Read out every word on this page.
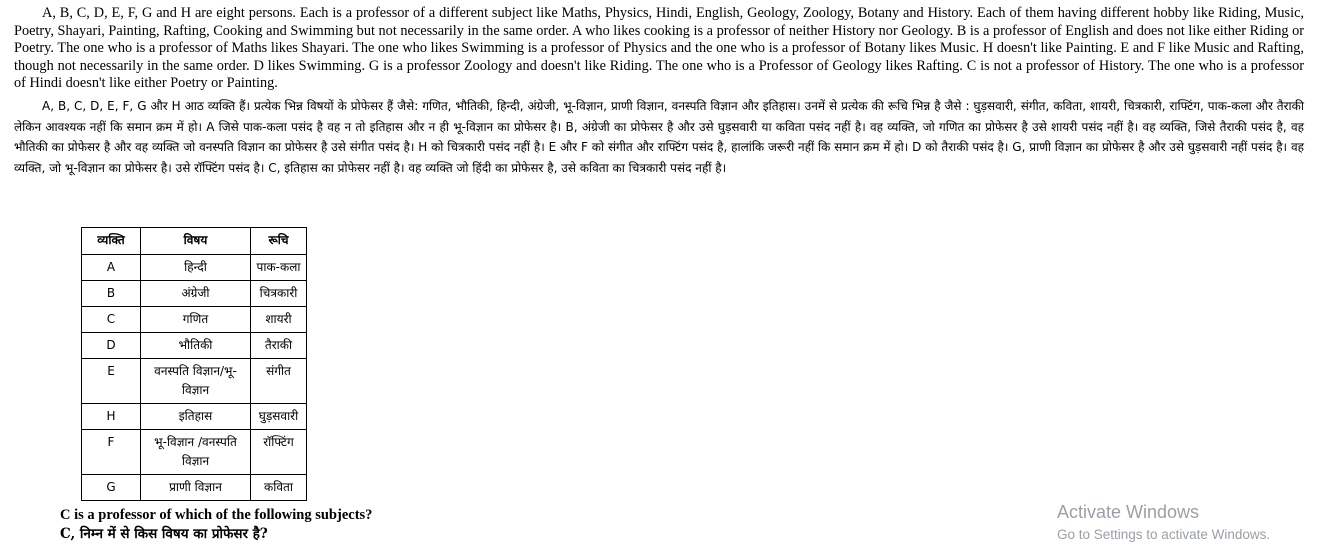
A, B, C, D, E, F, G and H are eight persons. Each is a professor of a different subject like Maths, Physics, Hindi, English, Geology, Zoology, Botany and History. Each of them having different hobby like Riding, Music, Poetry, Shayari, Painting, Rafting, Cooking and Swimming but not necessarily in the same order. A who likes cooking is a professor of neither History nor Geology. B is a professor of English and does not like either Riding or Poetry. The one who is a professor of Maths likes Shayari. The one who likes Swimming is a professor of Physics and the one who is a professor of Botany likes Music. H doesn't like Painting. E and F like Music and Rafting, though not necessarily in the same order. D likes Swimming. G is a professor Zoology and doesn't like Riding. The one who is a Professor of Geology likes Rafting. C is not a professor of History. The one who is a professor of Hindi doesn't like either Poetry or Painting.

A, B, C, D, E, F, G और H आठ व्यक्ति हैं। प्रत्येक भिन्न विषयों के प्रोफेसर हैं जैसे: गणित, भौतिकी, हिन्दी, अंग्रेजी, भू-विज्ञान, प्राणी विज्ञान, वनस्पति विज्ञान और इतिहास। उनमें से प्रत्येक की रूचि भिन्न है जैसे : घुड़सवारी, संगीत, कविता, शायरी, चित्रकारी, राफ्टिंग, पाक-कला और तैराकी लेकिन आवश्यक नहीं कि समान क्रम में हो। A जिसे पाक-कला पसंद है वह न तो इतिहास और न ही भू-विज्ञान का प्रोफेसर है। B, अंग्रेजी का प्रोफेसर है और उसे घुड़सवारी या कविता पसंद नहीं है। वह व्यक्ति, जो गणित का प्रोफेसर है उसे शायरी पसंद नहीं है। वह व्यक्ति, जिसे तैराकी पसंद है, वह भौतिकी का प्रोफेसर है और वह व्यक्ति जो वनस्पति विज्ञान का प्रोफेसर है उसे संगीत पसंद है। H को चित्रकारी पसंद नहीं है। E और F को संगीत और राफ्टिंग पसंद है, हालांकि जरूरी नहीं कि समान क्रम में हो। D को तैराकी पसंद है। G, प्राणी विज्ञान का प्रोफेसर है और उसे घुड़सवारी नहीं पसंद है। वह व्यक्ति, जो भू-विज्ञान का प्रोफेसर है। उसे राॅफ्टिंग पसंद है। C, इतिहास का प्रोफेसर नहीं है। वह व्यक्ति जो हिंदी का प्रोफेसर है, उसे कविता का चित्रकारी पसंद नहीं है।

व्यक्ति	विषय	रूचि
A	हिन्दी	पाक-कला
B	अंग्रेजी	चित्रकारी
C	गणित	शायरी
D	भौतिकी	तैराकी
E	वनस्पति विज्ञान/भू-विज्ञान	संगीत
H	इतिहास	घुड़सवारी
F	भू-विज्ञान /वनस्पति विज्ञान	राॅफ्टिंग
G	प्राणी विज्ञान	कविता
C is a professor of which of the following subjects?
C, निम्न में से किस विषय का प्रोफेसर है?
Activate Windows
Go to Settings to activate Windows.
